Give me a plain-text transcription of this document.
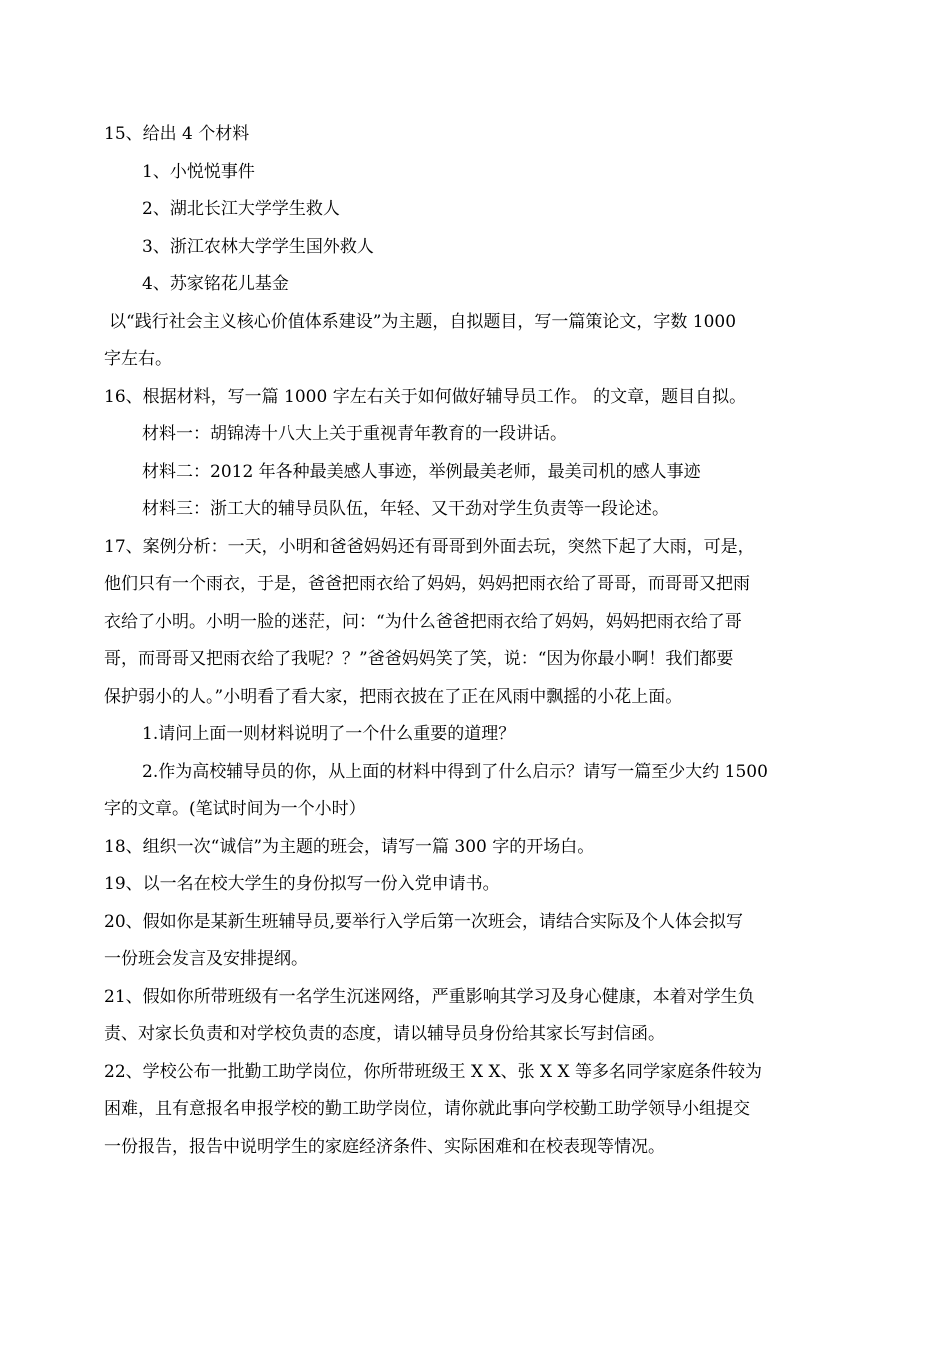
15、给出 4 个材料
1、小悦悦事件
2、湖北长江大学学生救人
3、浙江农林大学学生国外救人
4、苏家铭花儿基金
以“践行社会主义核心价值体系建设”为主题，自拟题目，写一篇策论文，字数 1000
字左右。
16、根据材料，写一篇 1000 字左右关于如何做好辅导员工作。 的文章，题目自拟。
材料一：胡锦涛十八大上关于重视青年教育的一段讲话。
材料二：2012 年各种最美感人事迹，举例最美老师，最美司机的感人事迹
材料三：浙工大的辅导员队伍，年轻、又干劲对学生负责等一段论述。
17、案例分析：一天，小明和爸爸妈妈还有哥哥到外面去玩，突然下起了大雨，可是，
他们只有一个雨衣，于是，爸爸把雨衣给了妈妈，妈妈把雨衣给了哥哥，而哥哥又把雨
衣给了小明。小明一脸的迷茫，问：“为什么爸爸把雨衣给了妈妈，妈妈把雨衣给了哥
哥，而哥哥又把雨衣给了我呢？？”爸爸妈妈笑了笑，说：“因为你最小啊！我们都要
保护弱小的人。”小明看了看大家，把雨衣披在了正在风雨中飘摇的小花上面。
1.请问上面一则材料说明了一个什么重要的道理？
2.作为高校辅导员的你，从上面的材料中得到了什么启示？请写一篇至少大约 1500
字的文章。(笔试时间为一个小时）
18、组织一次“诚信”为主题的班会，请写一篇 300 字的开场白。
19、以一名在校大学生的身份拟写一份入党申请书。
20、假如你是某新生班辅导员,要举行入学后第一次班会，请结合实际及个人体会拟写
一份班会发言及安排提纲。
21、假如你所带班级有一名学生沉迷网络，严重影响其学习及身心健康，本着对学生负
责、对家长负责和对学校负责的态度，请以辅导员身份给其家长写封信函。
22、学校公布一批勤工助学岗位，你所带班级王 X X、张 X X 等多名同学家庭条件较为
困难，且有意报名申报学校的勤工助学岗位，请你就此事向学校勤工助学领导小组提交
一份报告，报告中说明学生的家庭经济条件、实际困难和在校表现等情况。
